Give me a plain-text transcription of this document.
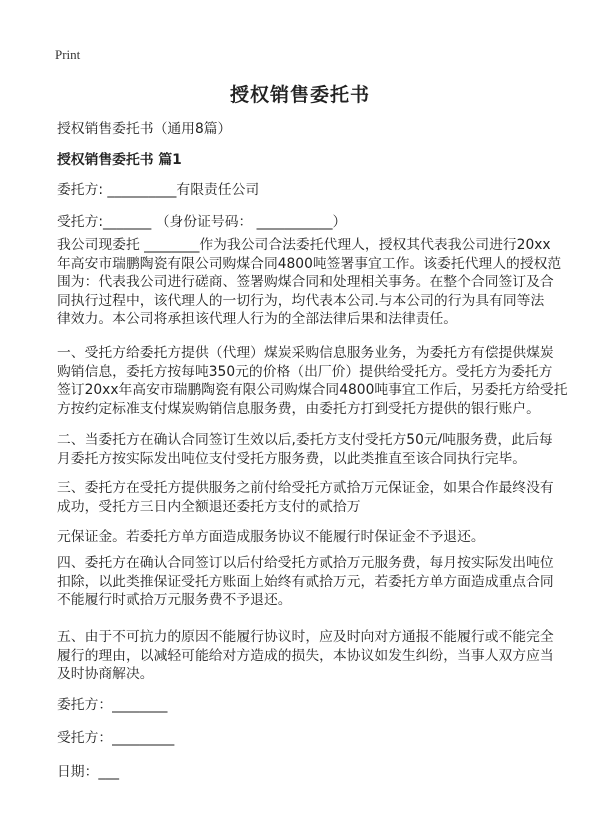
Print
授权销售委托书
授权销售委托书（通用8篇）
授权销售委托书 篇1
委托方: __________有限责任公司
受托方:_______ （身份证号码： ___________）
我公司现委托 ________作为我公司合法委托代理人，授权其代表我公司进行20xx
年高安市瑞鹏陶瓷有限公司购煤合同4800吨签署事宜工作。该委托代理人的授权范
围为：代表我公司进行磋商、签署购煤合同和处理相关事务。在整个合同签订及合
同执行过程中，该代理人的一切行为，均代表本公司.与本公司的行为具有同等法
律效力。本公司将承担该代理人行为的全部法律后果和法律责任。
一、受托方给委托方提供（代理）煤炭采购信息服务业务，为委托方有偿提供煤炭
购销信息，委托方按每吨350元的价格（出厂价）提供给受托方。受托方为委托方
签订20xx年高安市瑞鹏陶瓷有限公司购煤合同4800吨事宜工作后，另委托方给受托
方按约定标准支付煤炭购销信息服务费，由委托方打到受托方提供的银行账户。
二、当委托方在确认合同签订生效以后,委托方支付受托方50元/吨服务费，此后每
月委托方按实际发出吨位支付受托方服务费，以此类推直至该合同执行完毕。
三、委托方在受托方提供服务之前付给受托方贰拾万元保证金，如果合作最终没有
成功，受托方三日内全额退还委托方支付的贰拾万
元保证金。若委托方单方面造成服务协议不能履行时保证金不予退还。
四、委托方在确认合同签订以后付给受托方贰拾万元服务费，每月按实际发出吨位
扣除，以此类推保证受托方账面上始终有贰拾万元，若委托方单方面造成重点合同
不能履行时贰拾万元服务费不予退还。
五、由于不可抗力的原因不能履行协议时，应及时向对方通报不能履行或不能完全
履行的理由，以减轻可能给对方造成的损失，本协议如发生纠纷，当事人双方应当
及时协商解决。
委托方：________
受托方：_________
日期：___
